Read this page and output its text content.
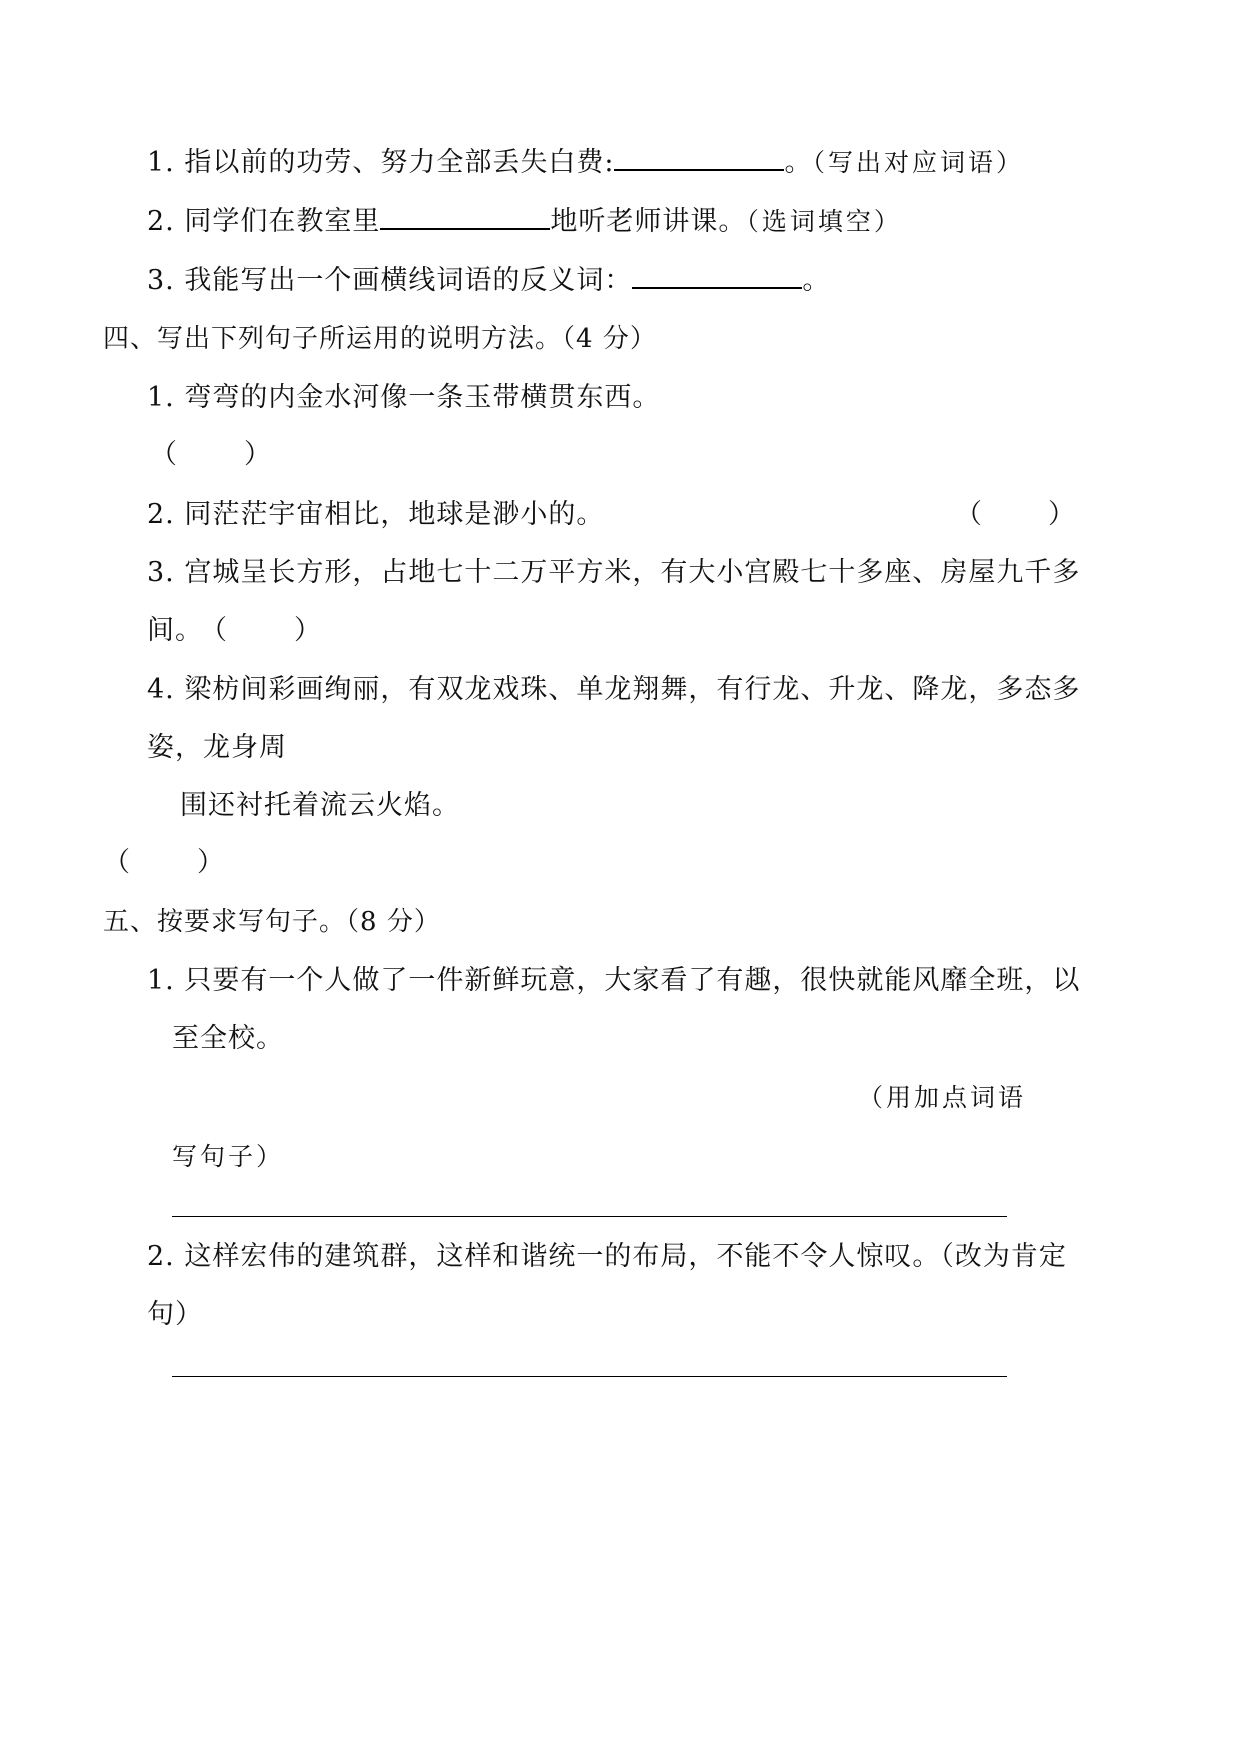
1. 指以前的功劳、努力全部丢失白费:	。（写出对应词语）
2. 同学们在教室里	地听老师讲课。（选词填空）
3. 我能写出一个画横线词语的反义词：	。
四、写出下列句子所运用的说明方法。（4 分）
1. 弯弯的内金水河像一条玉带横贯东西。
（ ）
2. 同茫茫宇宙相比，地球是渺小的。	（ ）
3. 宫城呈长方形，占地七十二万平方米，有大小宫殿七十多座、房屋九千多
间。
（ ）
4. 梁枋间彩画绚丽，有双龙戏珠、单龙翔舞，有行龙、升龙、降龙，多态多
姿，龙身周
围还衬托着流云火焰。
（ ）
五、按要求写句子。（8 分）
1. 只要有一个人做了一件新鲜玩意，大家看了有趣，很快就能风靡全班，以
至全校。
（用加点词语
写句子）
2. 这样宏伟的建筑群，这样和谐统一的布局，不能不令人惊叹。（改为肯定
句）
